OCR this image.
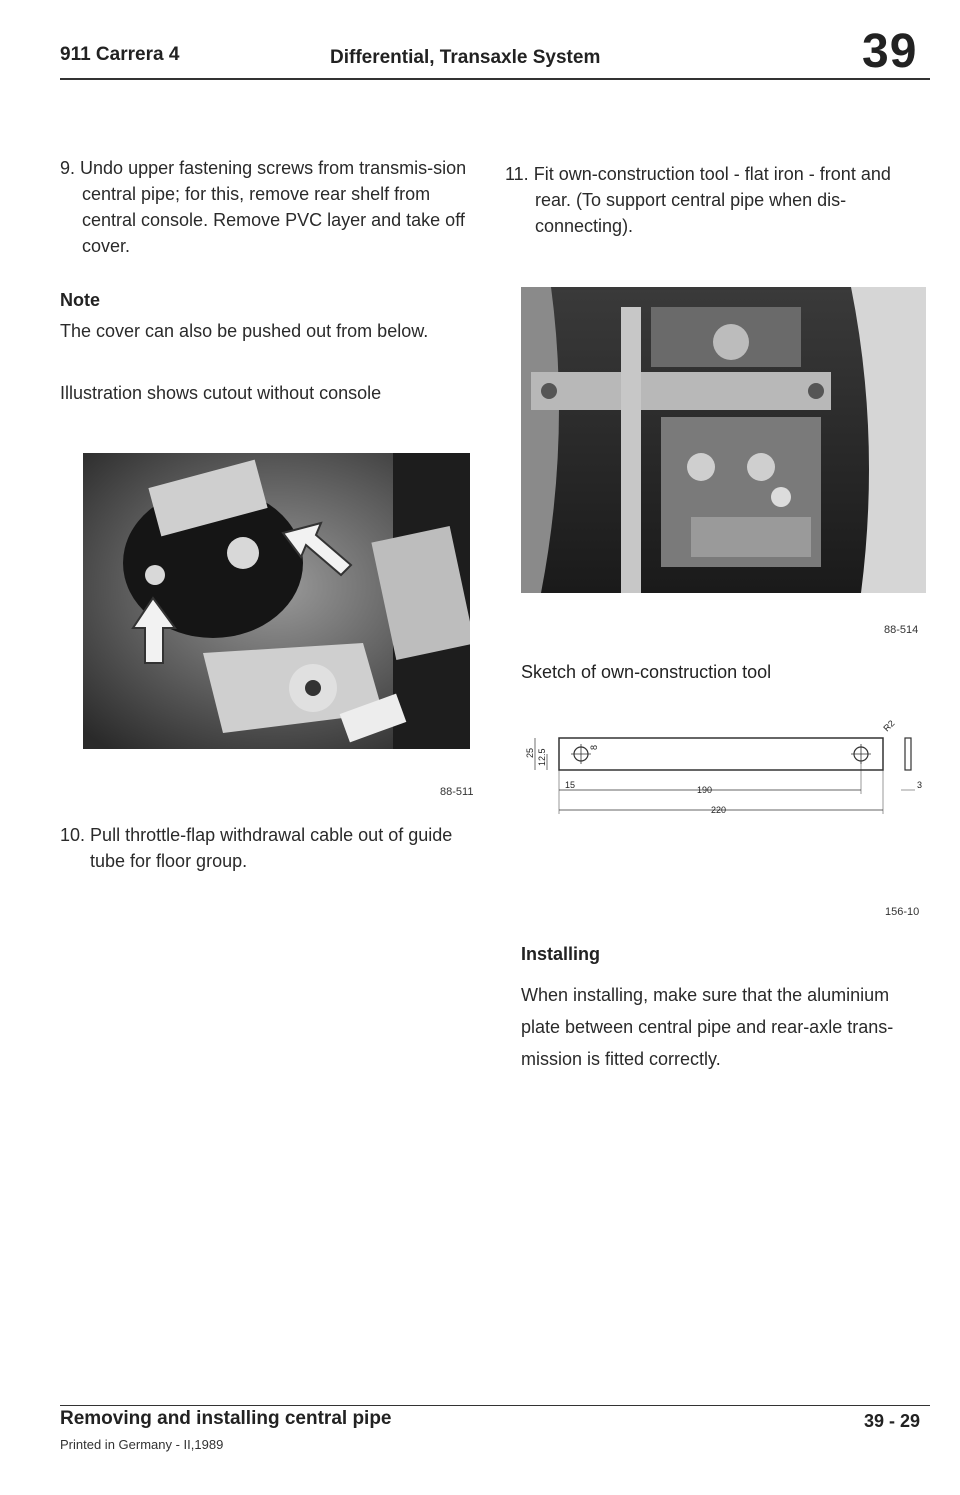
911 Carrera 4	Differential, Transaxle System	39
9. Undo upper fastening screws from transmis-sion central pipe; for this, remove rear shelf from central console. Remove PVC layer and take off cover.
Note
The cover can also be pushed out from below.
Illustration shows cutout without console
88-511
10. Pull throttle-flap withdrawal cable out of guide tube for floor group.
11. Fit own-construction tool - flat iron - front and rear. (To support central pipe when dis-connecting).
88-514
Sketch of own-construction tool
25 12.5
8
15	190
220
R2
3
156-10
Installing
When installing, make sure that the aluminium plate between central pipe and rear-axle trans-mission is fitted correctly.
Removing and installing central pipe
Printed in Germany - II,1989
39 - 29
